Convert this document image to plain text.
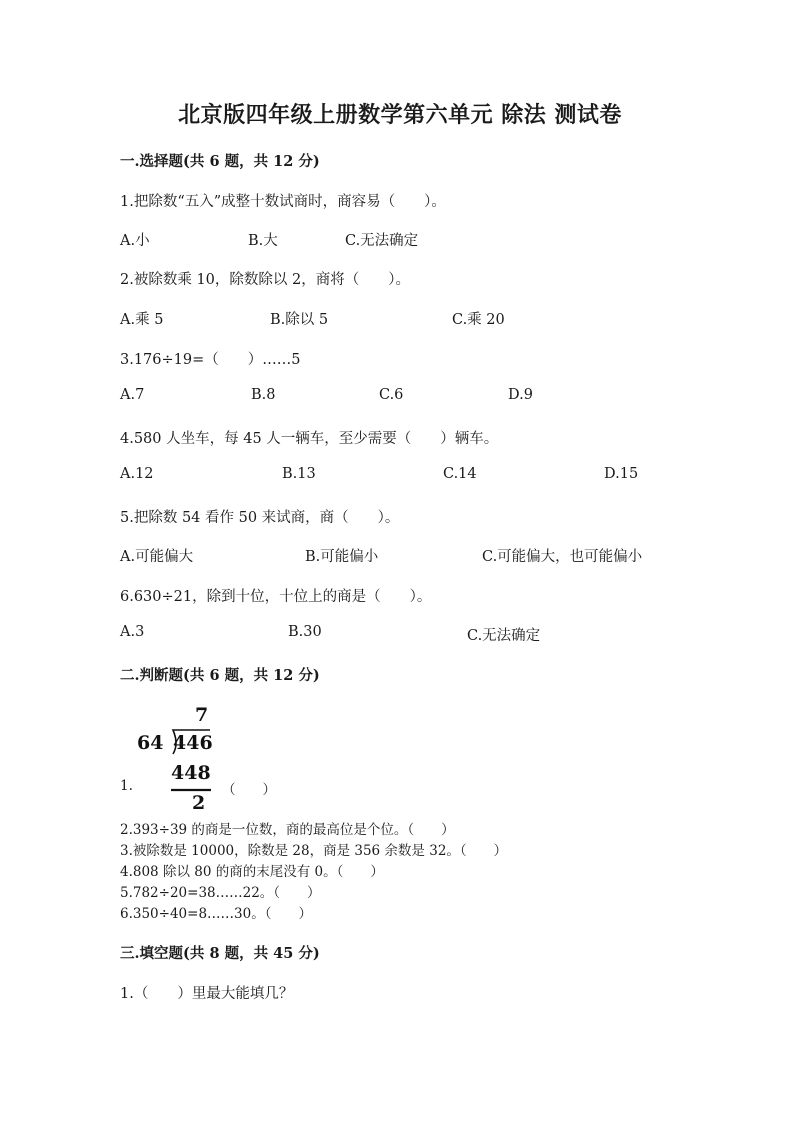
北京版四年级上册数学第六单元 除法 测试卷
一.选择题(共 6 题，共 12 分)
1.把除数“五入”成整十数试商时，商容易（　　）。
A.小	B.大	C.无法确定
2.被除数乘 10，除数除以 2，商将（　　）。
A.乘 5	B.除以 5	C.乘 20
3.176÷19=（　　）……5
A.7	B.8	C.6	D.9
4.580 人坐车，每 45 人一辆车，至少需要（　　）辆车。
A.12	B.13	C.14	D.15
5.把除数 54 看作 50 来试商，商（　　）。
A.可能偏大	B.可能偏小	C.可能偏大，也可能偏小
6.630÷21，除到十位，十位上的商是（　　）。
A.3	B.30	C.无法确定
二.判断题(共 6 题，共 12 分)
7
64 446
448
2
1.	（　　）
2.393÷39 的商是一位数，商的最高位是个位。（　　）
3.被除数是 10000，除数是 28，商是 356 余数是 32。（　　）
4.808 除以 80 的商的末尾没有 0。（　　）
5.782÷20=38……22。（　　）
6.350÷40=8……30。（　　）
三.填空题(共 8 题，共 45 分)
1.（　　）里最大能填几？
